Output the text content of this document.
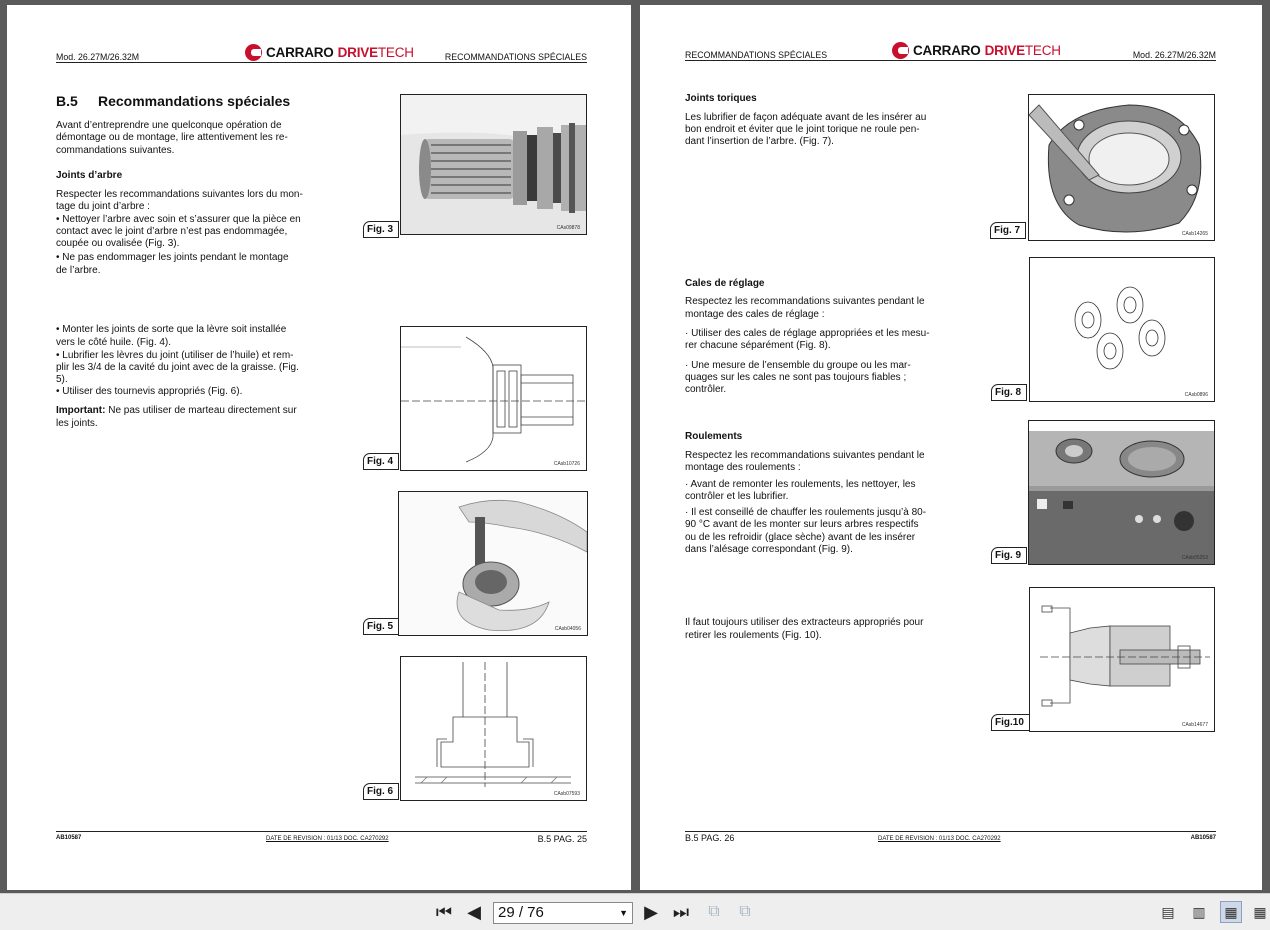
Mod. 26.27M/26.32M	CARRARO DRIVE TECH	RECOMMANDATIONS SPÉCIALES
B.5 Recommandations spéciales
Avant d’entreprendre une quelconque opération de
démontage ou de montage, lire attentivement les re-
commandations suivantes.
Joints d’arbre
Respecter les recommandations suivantes lors du mon-
tage du joint d’arbre :
• Nettoyer l’arbre avec soin et s’assurer que la pièce en
contact avec le joint d’arbre n’est pas endommagée,
coupée ou ovalisée (Fig. 3).
• Ne pas endommager les joints pendant le montage
de l’arbre.
• Monter les joints de sorte que la lèvre soit installée
vers le côté huile. (Fig. 4).
• Lubrifier les lèvres du joint (utiliser de l’huile) et rem-
plir les 3/4 de la cavité du joint avec de la graisse. (Fig.
5).
• Utiliser des tournevis appropriés (Fig. 6).
Important: Ne pas utiliser de marteau directement sur
les joints.
CAs09878
Fig. 3
CAsb10726
Fig. 4
CAsb04056
Fig. 5
CAsb07593
Fig. 6
AB10587	DATE DE REVISION : 01/13 DOC. CA270292	B.5 PAG. 25
RECOMMANDATIONS SPÉCIALES	CARRARO DRIVE TECH	Mod. 26.27M/26.32M
Joints toriques
Les lubrifier de façon adéquate avant de les insérer au
bon endroit et éviter que le joint torique ne roule pen-
dant l’insertion de l’arbre. (Fig. 7).
Cales de réglage
Respectez les recommandations suivantes pendant le
montage des cales de réglage :
· Utiliser des cales de réglage appropriées et les mesu-
rer chacune séparément (Fig. 8).
· Une mesure de l’ensemble du groupe ou les mar-
quages sur les cales ne sont pas toujours fiables ;
contrôler.
Roulements
Respectez les recommandations suivantes pendant le
montage des roulements :
· Avant de remonter les roulements, les nettoyer, les
contrôler et les lubrifier.
· Il est conseillé de chauffer les roulements jusqu’à 80-
90 °C avant de les monter sur leurs arbres respectifs
ou de les refroidir (glace sèche) avant de les insérer
dans l’alésage correspondant (Fig. 9).
Il faut toujours utiliser des extracteurs appropriés pour
retirer les roulements (Fig. 10).
CAsb14265
Fig. 7
CAsb0896
Fig. 8
CAsb05253
Fig. 9
CAsb14677
Fig.10
B.5 PAG. 26	DATE DE REVISION : 01/13 DOC. CA270292	AB10587
⏮ ◀	29 / 76	▼ ▶ ⏭	⧉	⧉	▤ ▥	▦	▦
